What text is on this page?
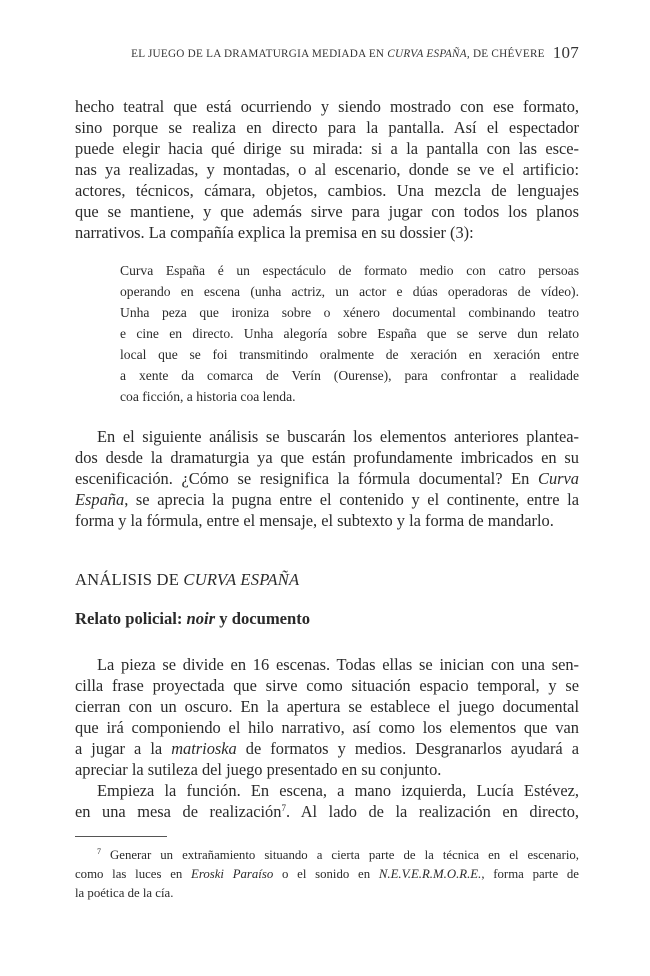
EL JUEGO DE LA DRAMATURGIA MEDIADA EN CURVA ESPAÑA, DE CHÉVERE 107

hecho teatral que está ocurriendo y siendo mostrado con ese formato,
sino porque se realiza en directo para la pantalla. Así el espectador
puede elegir hacia qué dirige su mirada: si a la pantalla con las esce-
nas ya realizadas, y montadas, o al escenario, donde se ve el artificio:
actores, técnicos, cámara, objetos, cambios. Una mezcla de lenguajes
que se mantiene, y que además sirve para jugar con todos los planos
narrativos. La compañía explica la premisa en su dossier (3):

Curva España é un espectáculo de formato medio con catro persoas
operando en escena (unha actriz, un actor e dúas operadoras de vídeo).
Unha peza que ironiza sobre o xénero documental combinando teatro
e cine en directo. Unha alegoría sobre España que se serve dun relato
local que se foi transmitindo oralmente de xeración en xeración entre
a xente da comarca de Verín (Ourense), para confrontar a realidade
coa ficción, a historia coa lenda.

En el siguiente análisis se buscarán los elementos anteriores plantea-
dos desde la dramaturgia ya que están profundamente imbricados en su
escenificación. ¿Cómo se resignifica la fórmula documental? En Curva
España, se aprecia la pugna entre el contenido y el continente, entre la
forma y la fórmula, entre el mensaje, el subtexto y la forma de mandarlo.

ANÁLISIS DE CURVA ESPAÑA
Relato policial: noir y documento

La pieza se divide en 16 escenas. Todas ellas se inician con una sen-
cilla frase proyectada que sirve como situación espacio temporal, y se
cierran con un oscuro. En la apertura se establece el juego documental
que irá componiendo el hilo narrativo, así como los elementos que van
a jugar a la matrioska de formatos y medios. Desgranarlos ayudará a
apreciar la sutileza del juego presentado en su conjunto.

Empieza la función. En escena, a mano izquierda, Lucía Estévez,
en una mesa de realización$^7$. Al lado de la realización en directo,

$^7$ Generar un extrañamiento situando a cierta parte de la técnica en el escenario,
como las luces en Eroski Paraíso o el sonido en N.E.V.E.R.M.O.R.E., forma parte de
la poética de la cía.
